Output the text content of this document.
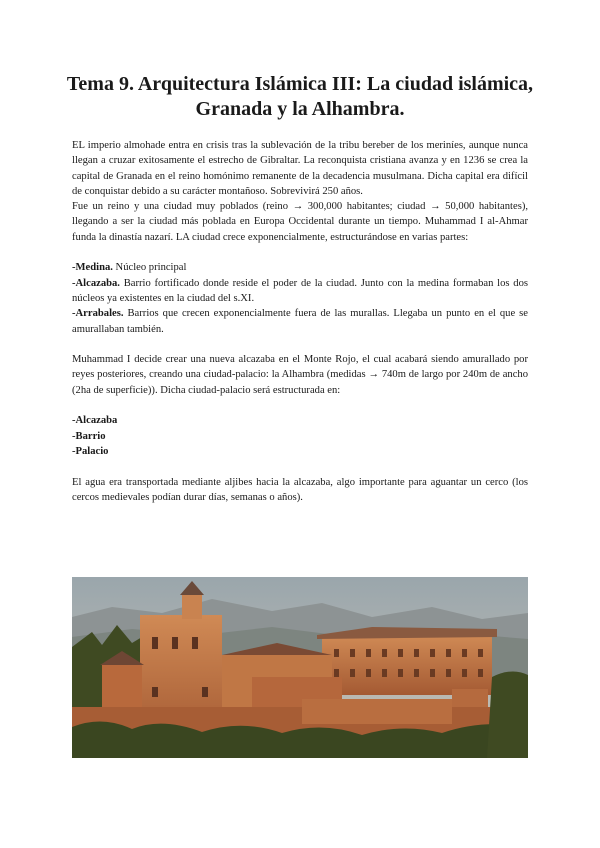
Tema 9. Arquitectura Islámica III: La ciudad islámica,
Granada y la Alhambra.

EL imperio almohade entra en crisis tras la sublevación de la tribu bereber de los meriníes, aunque nunca llegan a cruzar exitosamente el estrecho de Gibraltar. La reconquista cristiana avanza y en 1236 se crea la capital de Granada en el reino homónimo remanente de la decadencia musulmana. Dicha capital era difícil de conquistar debido a su carácter montañoso. Sobrevivirá 250 años.

Fue un reino y una ciudad muy poblados (reino → 300,000 habitantes; ciudad → 50,000 habitantes), llegando a ser la ciudad más poblada en Europa Occidental durante un tiempo. Muhammad I al-Ahmar funda la dinastía nazarí. LA ciudad crece exponencialmente, estructurándose en varias partes:

-Medina. Núcleo principal

-Alcazaba. Barrio fortificado donde reside el poder de la ciudad. Junto con la medina formaban los dos núcleos ya existentes en la ciudad del s.XI.

-Arrabales. Barrios que crecen exponencialmente fuera de las murallas. Llegaba un punto en el que se amurallaban también.

Muhammad I decide crear una nueva alcazaba en el Monte Rojo, el cual acabará siendo amurallado por reyes posteriores, creando una ciudad-palacio: la Alhambra (medidas → 740m de largo por 240m de ancho (2ha de superficie)). Dicha ciudad-palacio será estructurada en:

-Alcazaba

-Barrio

-Palacio

El agua era transportada mediante aljibes hacia la alcazaba, algo importante para aguantar un cerco (los cercos medievales podían durar días, semanas o años).
